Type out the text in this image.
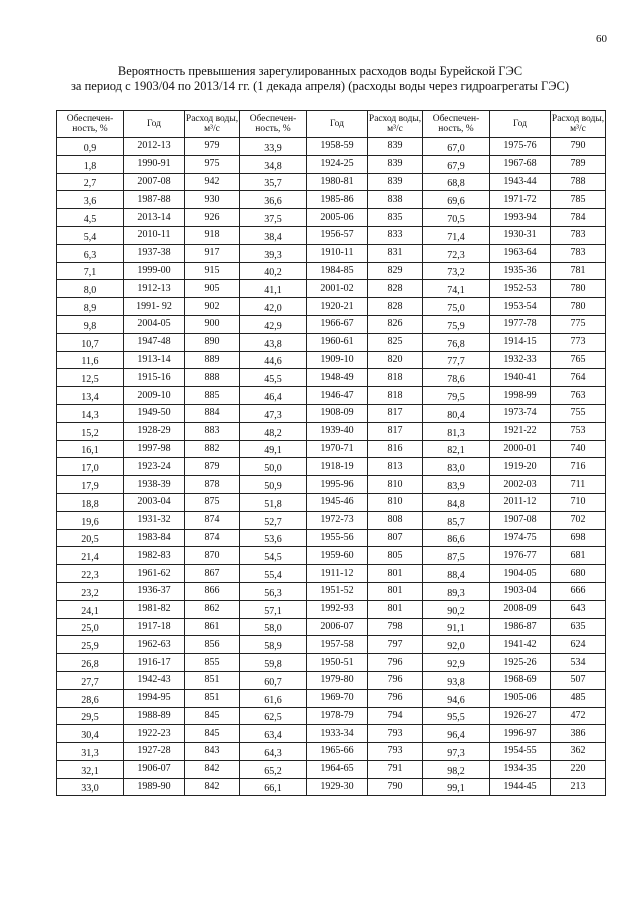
60
Вероятность превышения зарегулированных расходов воды Бурейской ГЭС
за период с 1903/04 по 2013/14 гг. (1 декада апреля) (расходы воды через гидроагрегаты ГЭС)
Обеспечен-ность, %	Год	Расход воды, м³/с	Обеспечен-ность, %	Год	Расход воды, м³/с	Обеспечен-ность, %	Год	Расход воды, м³/с
0,9	2012-13	979	33,9	1958-59	839	67,0	1975-76	790
1,8	1990-91	975	34,8	1924-25	839	67,9	1967-68	789
2,7	2007-08	942	35,7	1980-81	839	68,8	1943-44	788
3,6	1987-88	930	36,6	1985-86	838	69,6	1971-72	785
4,5	2013-14	926	37,5	2005-06	835	70,5	1993-94	784
5,4	2010-11	918	38,4	1956-57	833	71,4	1930-31	783
6,3	1937-38	917	39,3	1910-11	831	72,3	1963-64	783
7,1	1999-00	915	40,2	1984-85	829	73,2	1935-36	781
8,0	1912-13	905	41,1	2001-02	828	74,1	1952-53	780
8,9	1991- 92	902	42,0	1920-21	828	75,0	1953-54	780
9,8	2004-05	900	42,9	1966-67	826	75,9	1977-78	775
10,7	1947-48	890	43,8	1960-61	825	76,8	1914-15	773
11,6	1913-14	889	44,6	1909-10	820	77,7	1932-33	765
12,5	1915-16	888	45,5	1948-49	818	78,6	1940-41	764
13,4	2009-10	885	46,4	1946-47	818	79,5	1998-99	763
14,3	1949-50	884	47,3	1908-09	817	80,4	1973-74	755
15,2	1928-29	883	48,2	1939-40	817	81,3	1921-22	753
16,1	1997-98	882	49,1	1970-71	816	82,1	2000-01	740
17,0	1923-24	879	50,0	1918-19	813	83,0	1919-20	716
17,9	1938-39	878	50,9	1995-96	810	83,9	2002-03	711
18,8	2003-04	875	51,8	1945-46	810	84,8	2011-12	710
19,6	1931-32	874	52,7	1972-73	808	85,7	1907-08	702
20,5	1983-84	874	53,6	1955-56	807	86,6	1974-75	698
21,4	1982-83	870	54,5	1959-60	805	87,5	1976-77	681
22,3	1961-62	867	55,4	1911-12	801	88,4	1904-05	680
23,2	1936-37	866	56,3	1951-52	801	89,3	1903-04	666
24,1	1981-82	862	57,1	1992-93	801	90,2	2008-09	643
25,0	1917-18	861	58,0	2006-07	798	91,1	1986-87	635
25,9	1962-63	856	58,9	1957-58	797	92,0	1941-42	624
26,8	1916-17	855	59,8	1950-51	796	92,9	1925-26	534
27,7	1942-43	851	60,7	1979-80	796	93,8	1968-69	507
28,6	1994-95	851	61,6	1969-70	796	94,6	1905-06	485
29,5	1988-89	845	62,5	1978-79	794	95,5	1926-27	472
30,4	1922-23	845	63,4	1933-34	793	96,4	1996-97	386
31,3	1927-28	843	64,3	1965-66	793	97,3	1954-55	362
32,1	1906-07	842	65,2	1964-65	791	98,2	1934-35	220
33,0	1989-90	842	66,1	1929-30	790	99,1	1944-45	213
